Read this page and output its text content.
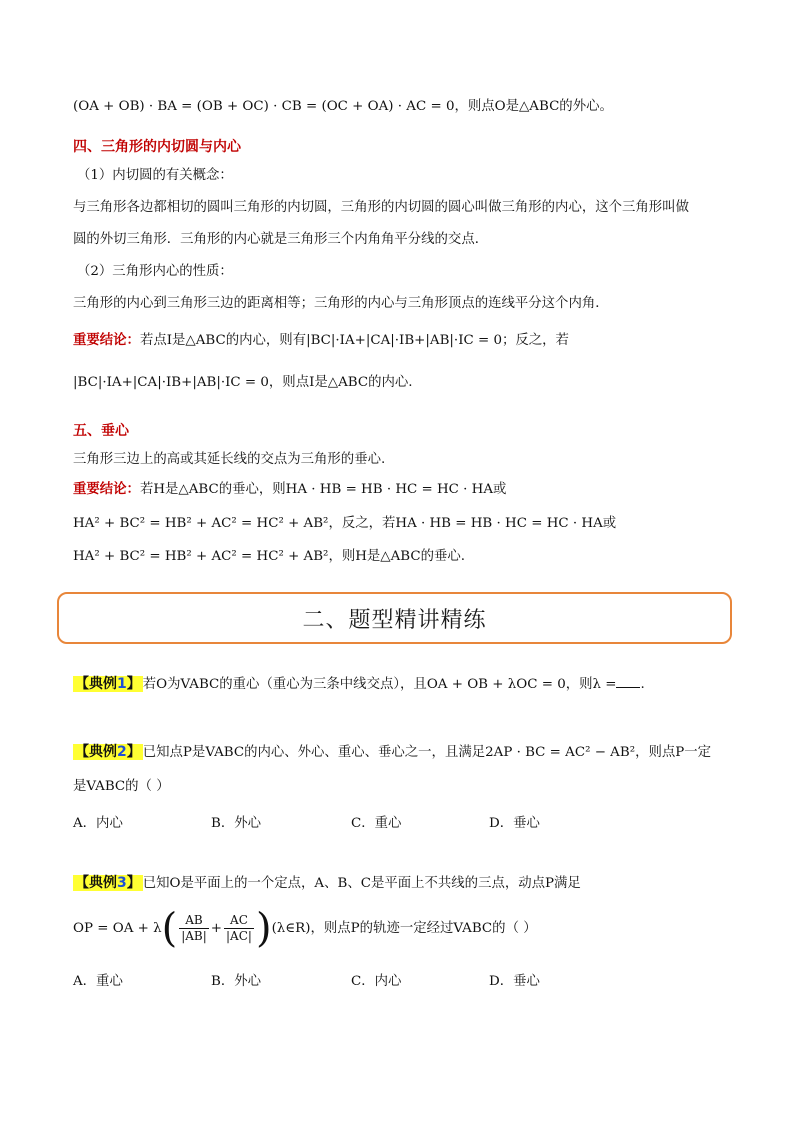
(OA + OB) · BA = (OB + OC) · CB = (OC + OA) · AC = 0，则点O是△ABC的外心。
四、三角形的内切圆与内心
（1）内切圆的有关概念：
与三角形各边都相切的圆叫三角形的内切圆，三角形的内切圆的圆心叫做三角形的内心，这个三角形叫做
圆的外切三角形．三角形的内心就是三角形三个内角角平分线的交点．
（2）三角形内心的性质：
三角形的内心到三角形三边的距离相等；三角形的内心与三角形顶点的连线平分这个内角．
重要结论：若点I是△ABC的内心，则有|BC|·IA+|CA|·IB+|AB|·IC = 0；反之，若
|BC|·IA+|CA|·IB+|AB|·IC = 0，则点I是△ABC的内心.
五、垂心
三角形三边上的高或其延长线的交点为三角形的垂心.
重要结论：若H是△ABC的垂心，则HA · HB = HB · HC = HC · HA或
HA² + BC² = HB² + AC² = HC² + AB²，反之，若HA · HB = HB · HC = HC · HA或
HA² + BC² = HB² + AC² = HC² + AB²，则H是△ABC的垂心.
二、题型精讲精练
【典例1】 若O为VABC的重心（重心为三条中线交点），且OA + OB + λOC = 0，则λ = .
【典例2】 已知点P是VABC的内心、外心、重心、垂心之一，且满足2AP · BC = AC² − AB²，则点P一定
是VABC的（ ）
A．内心	B．外心	C．重心	D．垂心
【典例3】 已知O是平面上的一个定点，A、B、C是平面上不共线的三点，动点P满足
OP = OA + $\lambda( \frac{AB}{|AB|} + \frac{AC}{|AC|}$ )(λ∈R)，则点P的轨迹一定经过VABC的（ ）
A．重心	B．外心	C．内心	D．垂心
